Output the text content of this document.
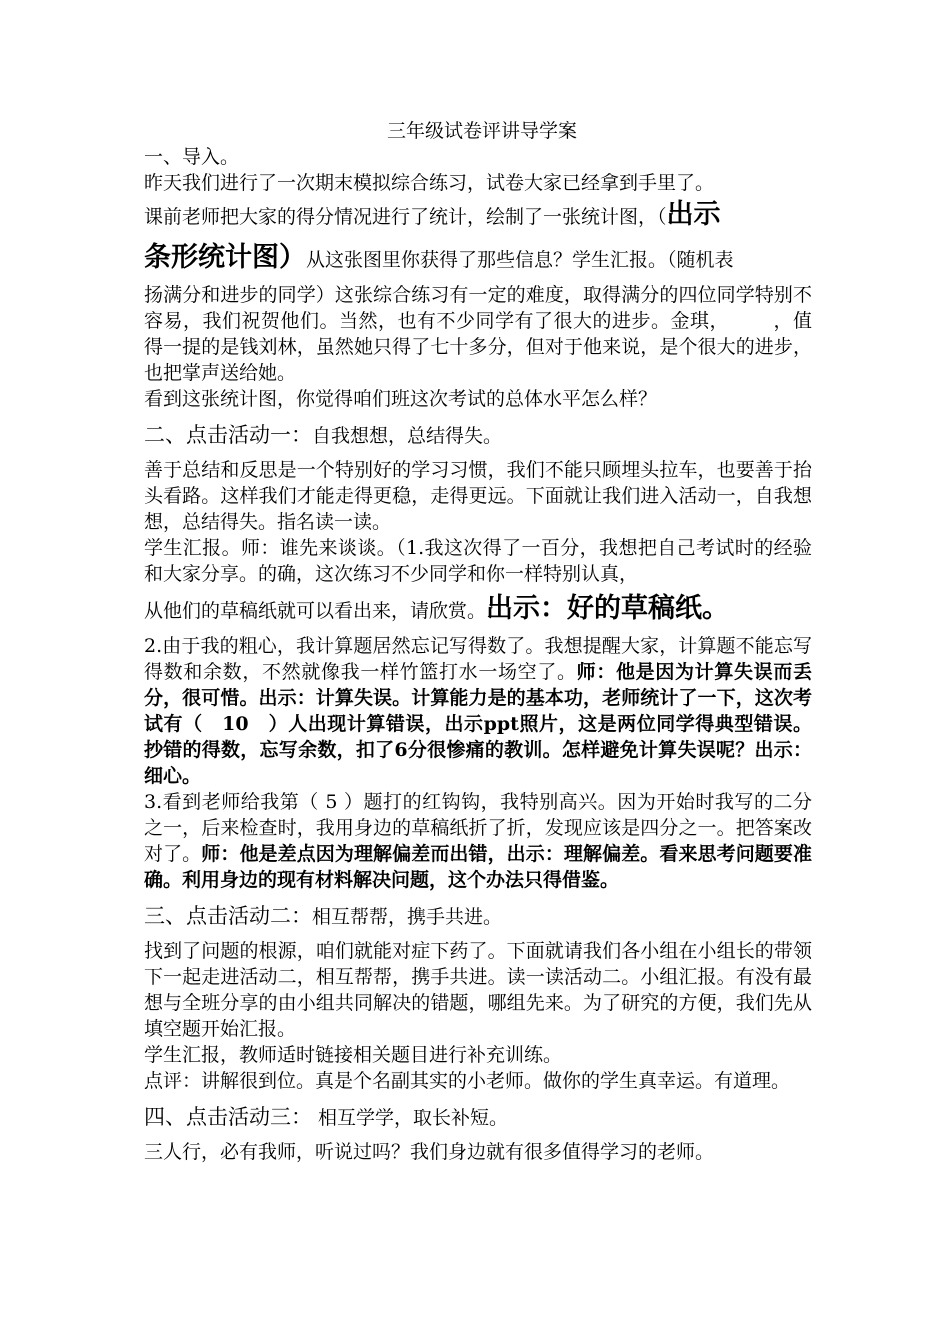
三年级试卷评讲导学案
一、导入。
昨天我们进行了一次期末模拟综合练习，试卷大家已经拿到手里了。
课前老师把大家的得分情况进行了统计，绘制了一张统计图，（出示
条形统计图）从这张图里你获得了那些信息？学生汇报。（随机表
扬满分和进步的同学）这张综合练习有一定的难度，取得满分的四位同学特别不容易，我们祝贺他们。当然，也有不少同学有了很大的进步。金琪， ，值得一提的是钱刘林，虽然她只得了七十多分，但对于他来说，是个很大的进步，也把掌声送给她。
看到这张统计图，你觉得咱们班这次考试的总体水平怎么样？
二、点击活动一：自我想想，总结得失。
善于总结和反思是一个特别好的学习习惯，我们不能只顾埋头拉车，也要善于抬头看路。这样我们才能走得更稳，走得更远。下面就让我们进入活动一，自我想想，总结得失。指名读一读。
学生汇报。师：谁先来谈谈。（1.我这次得了一百分，我想把自己考试时的经验和大家分享。的确，这次练习不少同学和你一样特别认真，
从他们的草稿纸就可以看出来，请欣赏。出示：好的草稿纸。
2.由于我的粗心，我计算题居然忘记写得数了。我想提醒大家，计算题不能忘写得数和余数，不然就像我一样竹篮打水一场空了。师：他是因为计算失误而丢分，很可惜。出示：计算失误。计算能力是的基本功，老师统计了一下，这次考试有（　10　）人出现计算错误，出示ppt照片，这是两位同学得典型错误。抄错的得数，忘写余数，扣了6分很惨痛的教训。怎样避免计算失误呢？出示：细心。
3.看到老师给我第（ 5 ）题打的红钩钩，我特别高兴。因为开始时我写的二分之一，后来检查时，我用身边的草稿纸折了折，发现应该是四分之一。把答案改对了。师：他是差点因为理解偏差而出错，出示：理解偏差。看来思考问题要准确。利用身边的现有材料解决问题，这个办法只得借鉴。
三、点击活动二：相互帮帮，携手共进。
找到了问题的根源，咱们就能对症下药了。下面就请我们各小组在小组长的带领下一起走进活动二，相互帮帮，携手共进。读一读活动二。小组汇报。有没有最想与全班分享的由小组共同解决的错题，哪组先来。为了研究的方便，我们先从填空题开始汇报。
学生汇报，教师适时链接相关题目进行补充训练。
点评：讲解很到位。真是个名副其实的小老师。做你的学生真幸运。有道理。
四、点击活动三： 相互学学，取长补短。
三人行，必有我师，听说过吗？我们身边就有很多值得学习的老师。
